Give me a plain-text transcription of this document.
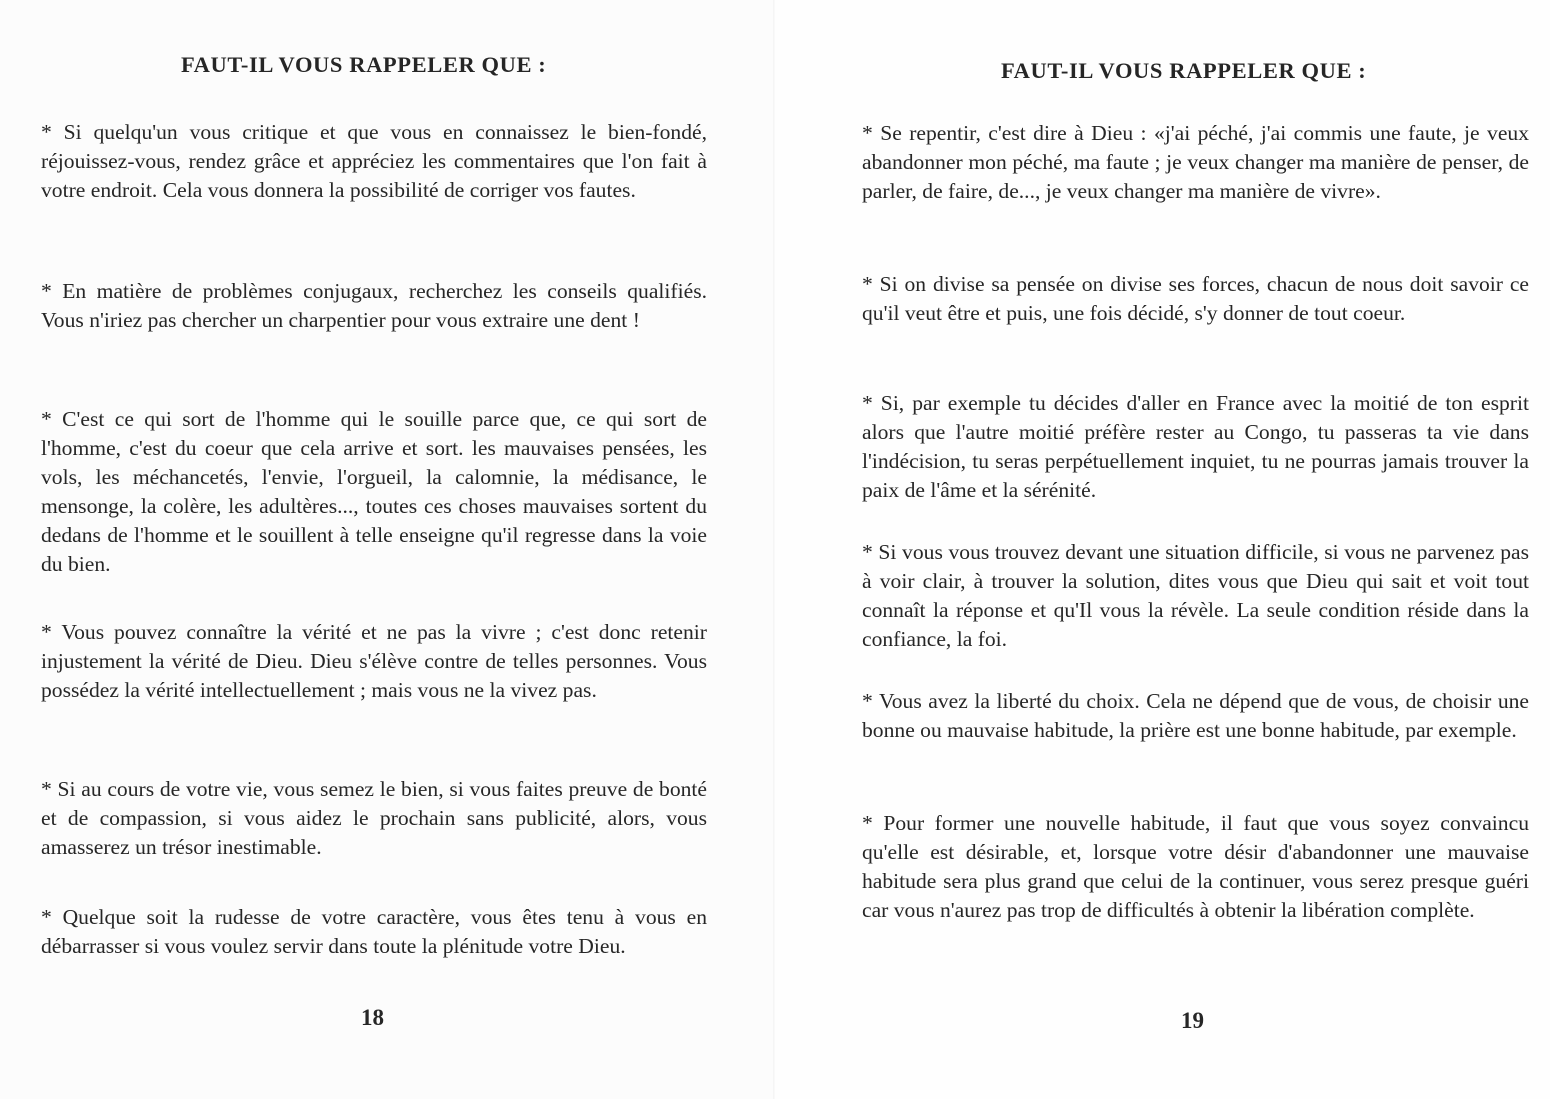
FAUT-IL VOUS RAPPELER QUE :

* Si quelqu'un vous critique et que vous en connaissez le bien-fondé, réjouissez-vous, rendez grâce et appréciez les commentaires que l'on fait à votre endroit. Cela vous donnera la possibilité de corriger vos fautes.

* En matière de problèmes conjugaux, recherchez les conseils qualifiés. Vous n'iriez pas chercher un charpentier pour vous extraire une dent !

* C'est ce qui sort de l'homme qui le souille parce que, ce qui sort de l'homme, c'est du coeur que cela arrive et sort. les mauvaises pensées, les vols, les méchancetés, l'envie, l'orgueil, la calomnie, la médisance, le mensonge, la colère, les adultères..., toutes ces choses mauvaises sortent du dedans de l'homme et le souillent à telle enseigne qu'il regresse dans la voie du bien.

* Vous pouvez connaître la vérité et ne pas la vivre ; c'est donc retenir injustement la vérité de Dieu. Dieu s'élève contre de telles personnes. Vous possédez la vérité intellectuellement ; mais vous ne la vivez pas.

* Si au cours de votre vie, vous semez le bien, si vous faites preuve de bonté et de compassion, si vous aidez le prochain sans publicité, alors, vous amasserez un trésor inestimable.

* Quelque soit la rudesse de votre caractère, vous êtes tenu à vous en débarrasser si vous voulez servir dans toute la plénitude votre Dieu.

18
FAUT-IL VOUS RAPPELER QUE :

* Se repentir, c'est dire à Dieu : «j'ai péché, j'ai commis une faute, je veux abandonner mon péché, ma faute ; je veux changer ma manière de penser, de parler, de faire, de..., je veux changer ma manière de vivre».

* Si on divise sa pensée on divise ses forces, chacun de nous doit savoir ce qu'il veut être et puis, une fois décidé, s'y donner de tout coeur.

* Si, par exemple tu décides d'aller en France avec la moitié de ton esprit alors que l'autre moitié préfère rester au Congo, tu passeras ta vie dans l'indécision, tu seras perpétuellement inquiet, tu ne pourras jamais trouver la paix de l'âme et la sérénité.

* Si vous vous trouvez devant une situation difficile, si vous ne parvenez pas à voir clair, à trouver la solution, dites vous que Dieu qui sait et voit tout connaît la réponse et qu'Il vous la révèle. La seule condition réside dans la confiance, la foi.

* Vous avez la liberté du choix. Cela ne dépend que de vous, de choisir une bonne ou mauvaise habitude, la prière est une bonne habitude, par exemple.

* Pour former une nouvelle habitude, il faut que vous soyez convaincu qu'elle est désirable, et, lorsque votre désir d'abandonner une mauvaise habitude sera plus grand que celui de la continuer, vous serez presque guéri car vous n'aurez pas trop de difficultés à obtenir la libération complète.

19
